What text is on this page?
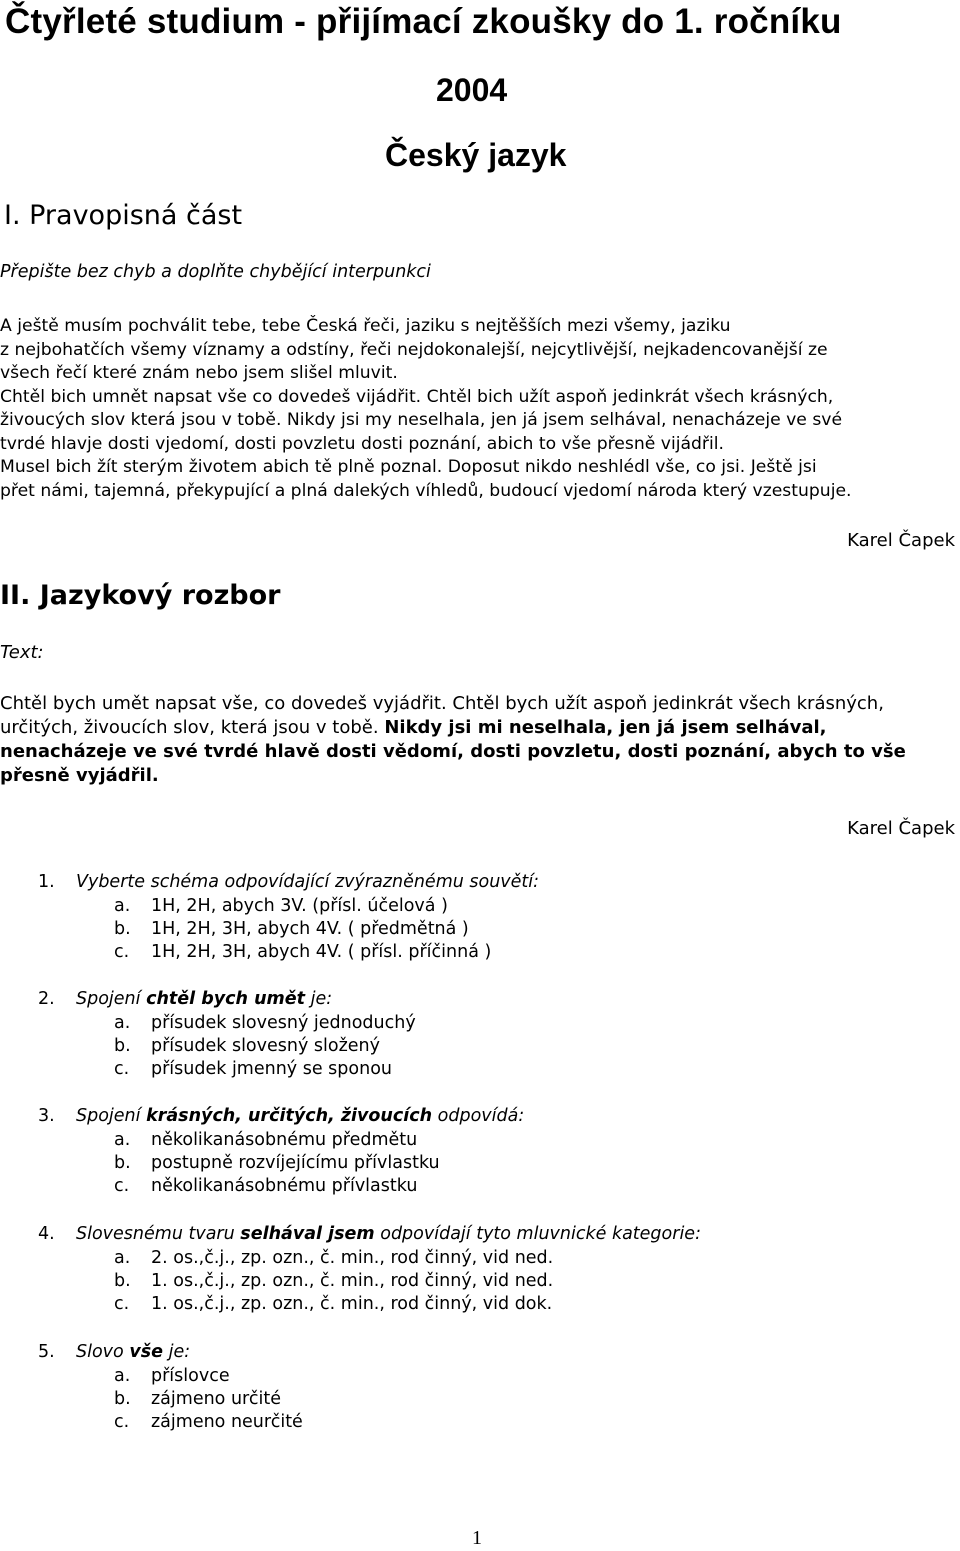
Čtyřleté studium - přijímací zkoušky do 1. ročníku
2004
Český jazyk
I. Pravopisná část
Přepište bez chyb a doplňte chybějící interpunkci
A ještě musím pochválit tebe, tebe Česká řeči, jaziku s nejtěšších mezi všemy, jaziku
z nejbohatčích všemy víznamy a odstíny, řeči nejdokonalejší, nejcytlivější, nejkadencovanější ze
všech řečí které znám nebo jsem slišel mluvit.
Chtěl bich umnět napsat vše co dovedeš vijádřit. Chtěl bich užít aspoň jedinkrát všech krásných,
živoucých slov která jsou v tobě. Nikdy jsi my neselhala, jen já jsem selhával, nenacházeje ve své
tvrdé hlavje dosti vjedomí, dosti povzletu dosti poznání, abich to vše přesně vijádřil.
Musel bich žít sterým životem abich tě plně poznal. Doposut nikdo neshlédl vše, co jsi. Ještě jsi
přet námi, tajemná, překypující a plná dalekých víhledů, budoucí vjedomí národa který vzestupuje.
Karel Čapek
II. Jazykový rozbor
Text:
Chtěl bych umět napsat vše, co dovedeš vyjádřit. Chtěl bych užít aspoň jedinkrát všech krásných,
určitých, živoucích slov, která jsou v tobě. Nikdy jsi mi neselhala, jen já jsem selhával,
nenacházeje ve své tvrdé hlavě dosti vědomí, dosti povzletu, dosti poznání, abych to vše
přesně vyjádřil.
Karel Čapek
1. Vyberte schéma odpovídající zvýrazněnému souvětí:
a. 1H, 2H, abych 3V. (přísl. účelová )
b. 1H, 2H, 3H, abych 4V. ( předmětná )
c. 1H, 2H, 3H, abych 4V. ( přísl. příčinná )
2. Spojení chtěl bych umět je:
a. přísudek slovesný jednoduchý
b. přísudek slovesný složený
c. přísudek jmenný se sponou
3. Spojení krásných, určitých, živoucích odpovídá:
a. několikanásobnému předmětu
b. postupně rozvíjejícímu přívlastku
c. několikanásobnému přívlastku
4. Slovesnému tvaru selhával jsem odpovídají tyto mluvnické kategorie:
a. 2. os.,č.j., zp. ozn., č. min., rod činný, vid ned.
b. 1. os.,č.j., zp. ozn., č. min., rod činný, vid ned.
c. 1. os.,č.j., zp. ozn., č. min., rod činný, vid dok.
5. Slovo vše je:
a. příslovce
b. zájmeno určité
c. zájmeno neurčité
1
